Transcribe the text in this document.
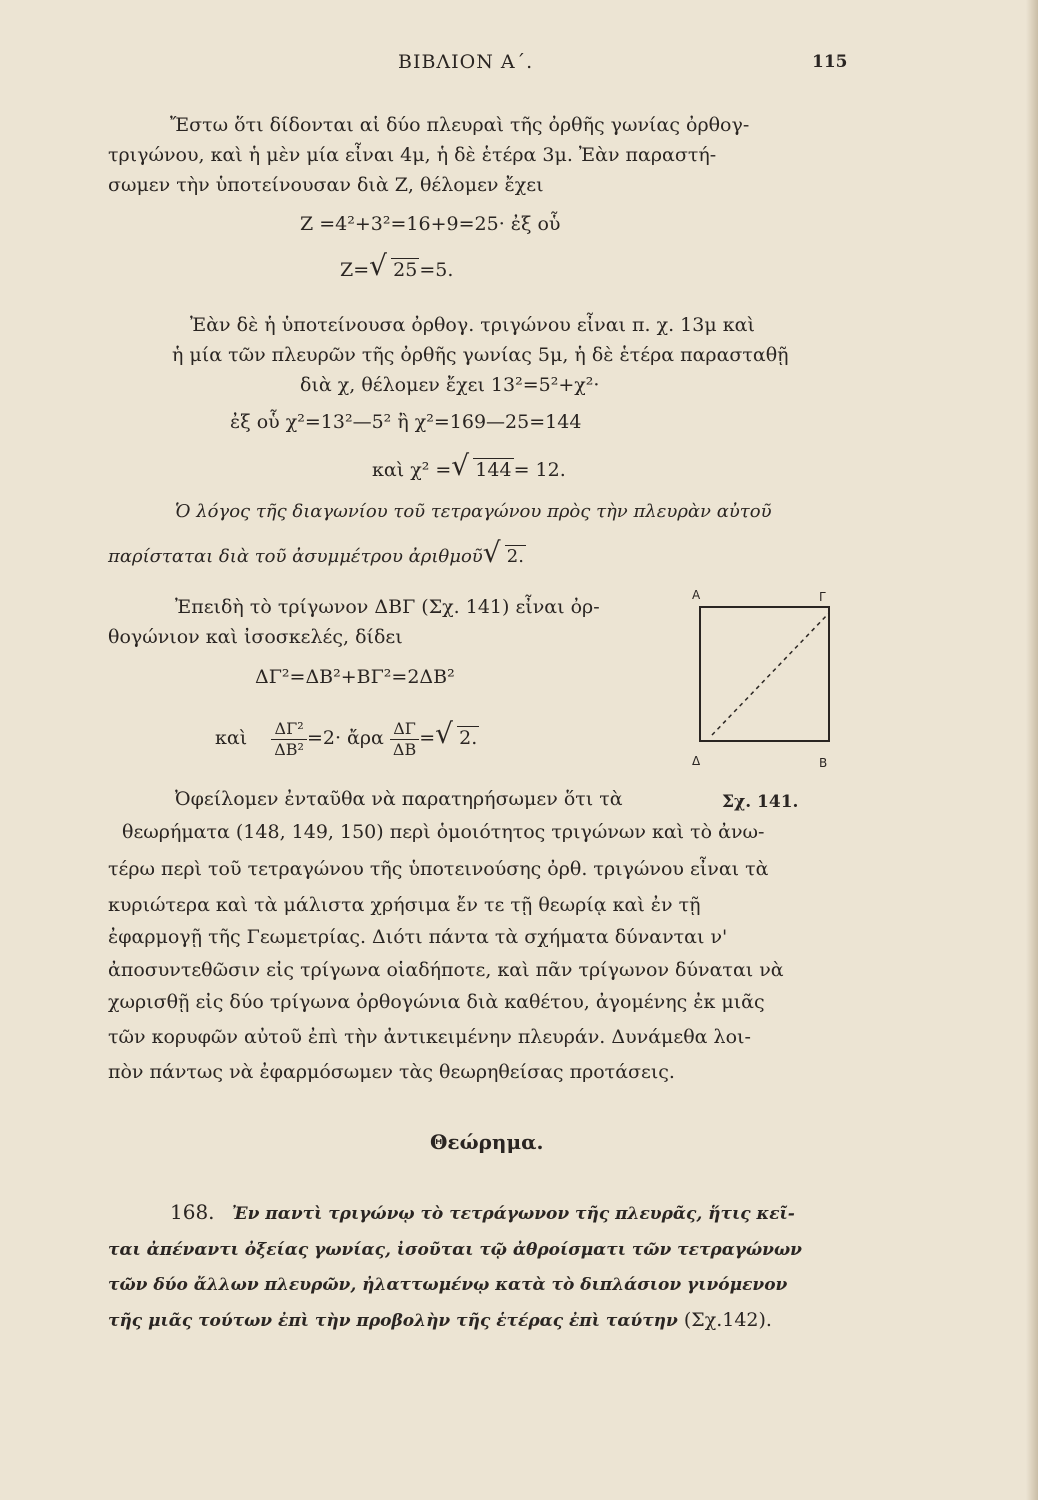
ΒΙΒΛΙΟΝ Α΄.	115
Ἔστω ὅτι δίδονται αἱ δύο πλευραὶ τῆς ὀρθῆς γωνίας ὀρθογ-
τριγώνου, καὶ ἡ μὲν μία εἶναι 4μ, ἡ δὲ ἑτέρα 3μ. Ἐὰν παραστή-
σωμεν τὴν ὑποτείνουσαν διὰ Ζ, θέλομεν ἔχει
Ζ =4²+3²=16+9=25· ἐξ οὗ
Ζ= √ 25 =5.
Ἐὰν δὲ ἡ ὑποτείνουσα ὀρθογ. τριγώνου εἶναι π. χ. 13μ καὶ
ἡ μία τῶν πλευρῶν τῆς ὀρθῆς γωνίας 5μ, ἡ δὲ ἑτέρα παρασταθῇ
διὰ χ, θέλομεν ἔχει 13²=5²+χ²·
ἐξ οὗ χ²=13²—5² ἢ χ²=169—25=144
καὶ χ² = √ 144 = 12.
Ὁ λόγος τῆς διαγωνίου τοῦ τετραγώνου πρὸς τὴν πλευρὰν αὐτοῦ
παρίσταται διὰ τοῦ ἀσυμμέτρου ἀριθμοῦ √ 2.
Ἐπειδὴ τὸ τρίγωνον ΔΒΓ (Σχ. 141) εἶναι ὀρ-
θογώνιον καὶ ἰσοσκελές, δίδει
ΔΓ²=ΔΒ²+ΒΓ²=2ΔΒ²
καὶ $\frac{\text{ΔΓ²}}{\text{ΔΒ²}} =2\cdot$ ἄρα $\frac{\Delta\Gamma}{\Delta B}$ = √ 2.
Α	Γ
Δ	Β
Ὀφείλομεν ἐνταῦθα νὰ παρατηρήσωμεν ὅτι τὰ	Σχ. 141.
θεωρήματα (148, 149, 150) περὶ ὁμοιότητος τριγώνων καὶ τὸ ἀνω-
τέρω περὶ τοῦ τετραγώνου τῆς ὑποτεινούσης ὀρθ. τριγώνου εἶναι τὰ
κυριώτερα καὶ τὰ μάλιστα χρήσιμα ἔν τε τῇ θεωρίᾳ καὶ ἐν τῇ
ἐφαρμογῇ τῆς Γεωμετρίας. Διότι πάντα τὰ σχήματα δύνανται ν'
ἀποσυντεθῶσιν εἰς τρίγωνα οἱαδήποτε, καὶ πᾶν τρίγωνον δύναται νὰ
χωρισθῇ εἰς δύο τρίγωνα ὀρθογώνια διὰ καθέτου, ἀγομένης ἐκ μιᾶς
τῶν κορυφῶν αὐτοῦ ἐπὶ τὴν ἀντικειμένην πλευράν. Δυνάμεθα λοι-
πὸν πάντως νὰ ἐφαρμόσωμεν τὰς θεωρηθείσας προτάσεις.
Θεώρημα.
168. Ἐν παντὶ τριγώνῳ τὸ τετράγωνον τῆς πλευρᾶς, ἥτις κεῖ-
ται ἀπέναντι ὀξείας γωνίας, ἰσοῦται τῷ ἀθροίσματι τῶν τετραγώνων
τῶν δύο ἄλλων πλευρῶν, ἠλαττωμένῳ κατὰ τὸ διπλάσιον γινόμενον
τῆς μιᾶς τούτων ἐπὶ τὴν προβολὴν τῆς ἑτέρας ἐπὶ ταύτην (Σχ.142).
